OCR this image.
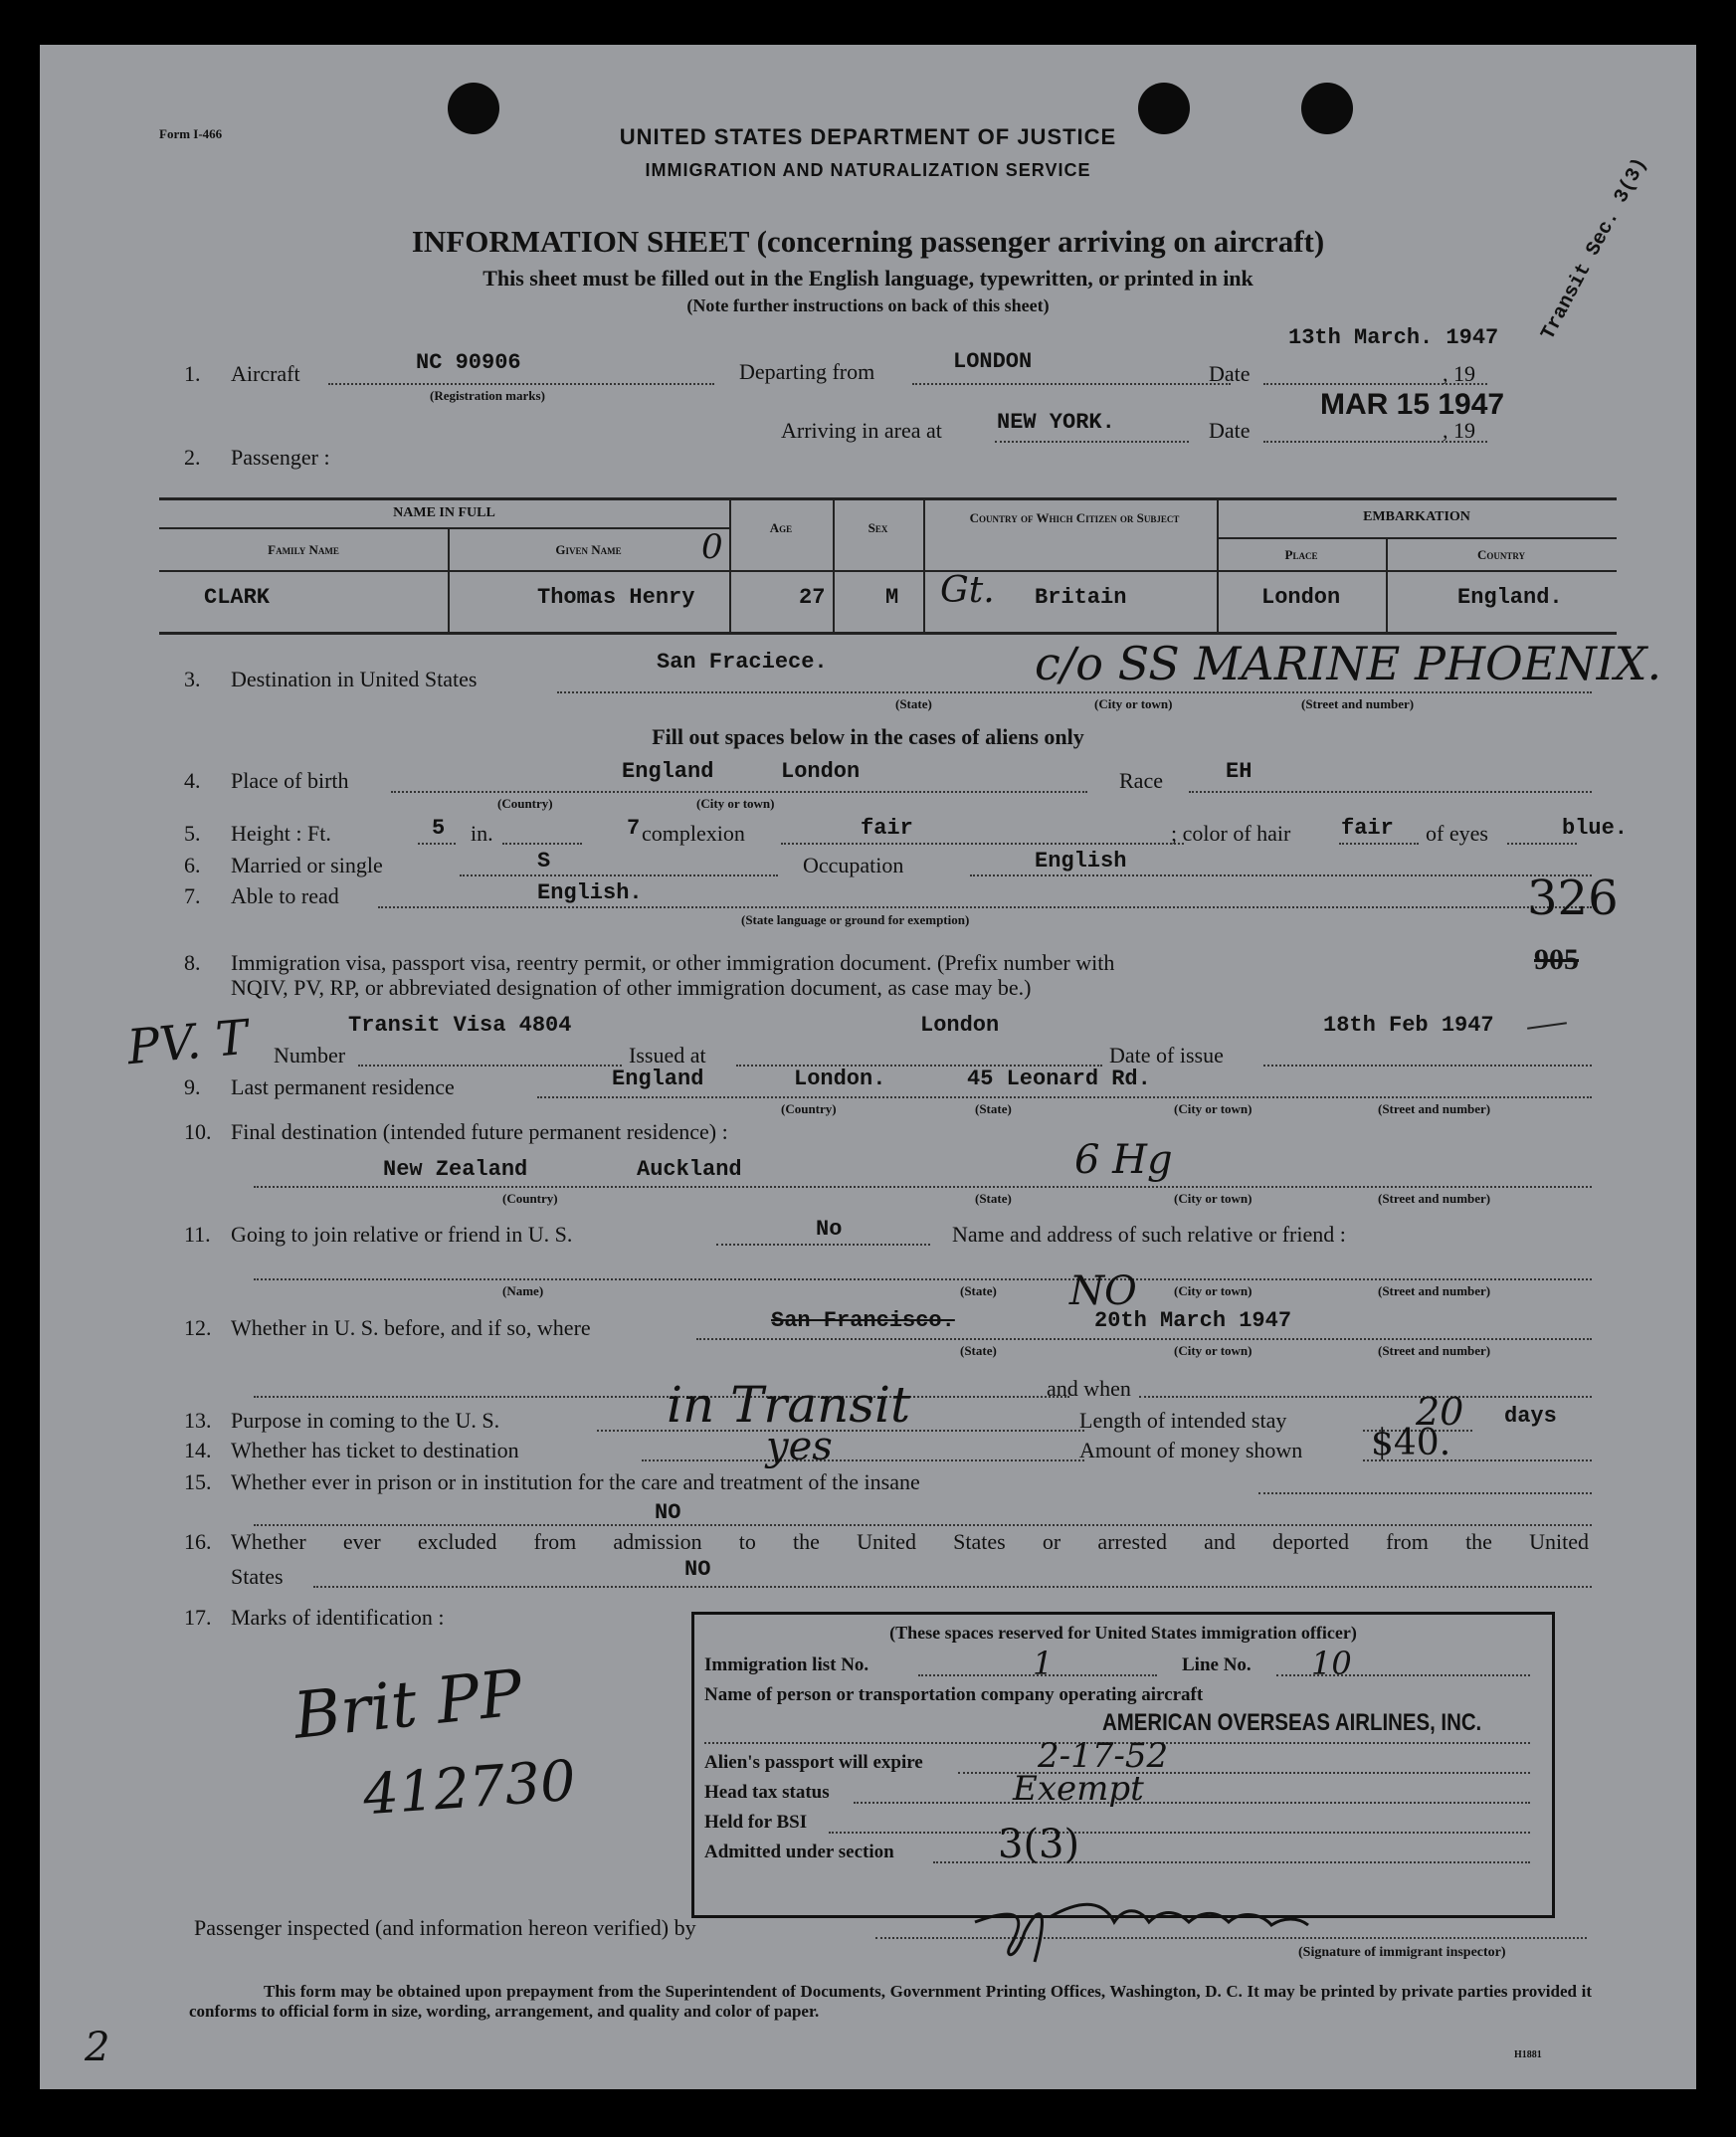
Form I-466	UNITED STATES DEPARTMENT OF JUSTICE
IMMIGRATION AND NATURALIZATION SERVICE
INFORMATION SHEET (concerning passenger arriving on aircraft)
This sheet must be filled out in the English language, typewritten, or printed in ink
(Note further instructions on back of this sheet)	Transit Sec. 3(3)
1. Aircraft	NC 90906
(Registration marks)
Departing from	LONDON	Date
13th March. 1947
, 19
Arriving in area at	NEW YORK.	Date
MAR 15 1947
, 19
2. Passenger :
NAME IN FULL
Family Name	Given Name	0	Age	Sex
Country of Which Citizen or Subject	EMBARKATION
Place	Country
CLARK	Thomas Henry	27	M Gt. Britain	London	England.
3. Destination in United States
San Fraciece.	c/o SS MARINE PHOENIX.
(State)	(City or town)	(Street and number)
Fill out spaces below in the cases of aliens only
4. Place of birth	England	London
(Country)	(City or town)
Race	EH
5. Height : Ft.	5 in.	7 complexion	fair	; color of hair fair of eyes	blue.
6. Married or single	S	Occupation	English
7. Able to read	English.
(State language or ground for exemption)	326
8. Immigration visa, passport visa, reentry permit, or other immigration document. (Prefix number with	905
NQIV, PV, RP, or abbreviated designation of other immigration document, as case may be.)
PV. T	Transit Visa 4804	London	18th Feb 1947
Number	Issued at	Date of issue
9. Last permanent residence	England	London.	45 Leonard Rd.
(Country)	(State)	(City or town)	(Street and number)
10. Final destination (intended future permanent residence) :
New Zealand	Auckland	6 Hg
(Country)	(State)	(City or town)	(Street and number)
11. Going to join relative or friend in U. S.	No	Name and address of such relative or friend :
(Name)	(State) NO	(City or town)	(Street and number)
12. Whether in U. S. before, and if so, where	San Francisco.	20th March 1947
(State)	(City or town)	(Street and number)
and when
13. Purpose in coming to the U. S.	in Transit	Length of intended stay	20 days
14. Whether has ticket to destination	yes	Amount of money shown $40.
15. Whether ever in prison or in institution for the care and treatment of the insane
NO
16. Whether ever excluded from admission to the United States or arrested and deported from the United
States	NO
17. Marks of identification :
Brit PP
412730
(These spaces reserved for United States immigration officer)
Immigration list No.	1	Line No. 10
Name of person or transportation company operating aircraft
AMERICAN OVERSEAS AIRLINES, INC.
Alien's passport will expire	2-17-52
Head tax status	Exempt
Held for BSI
Admitted under section	3(3)
Passenger inspected (and information hereon verified) by
(Signature of immigrant inspector)
This form may be obtained upon prepayment from the Superintendent of Documents, Government Printing Offices, Washington, D. C. It may be printed by private parties provided it conforms to official form in size, wording, arrangement, and quality and color of paper.
H1881
2
